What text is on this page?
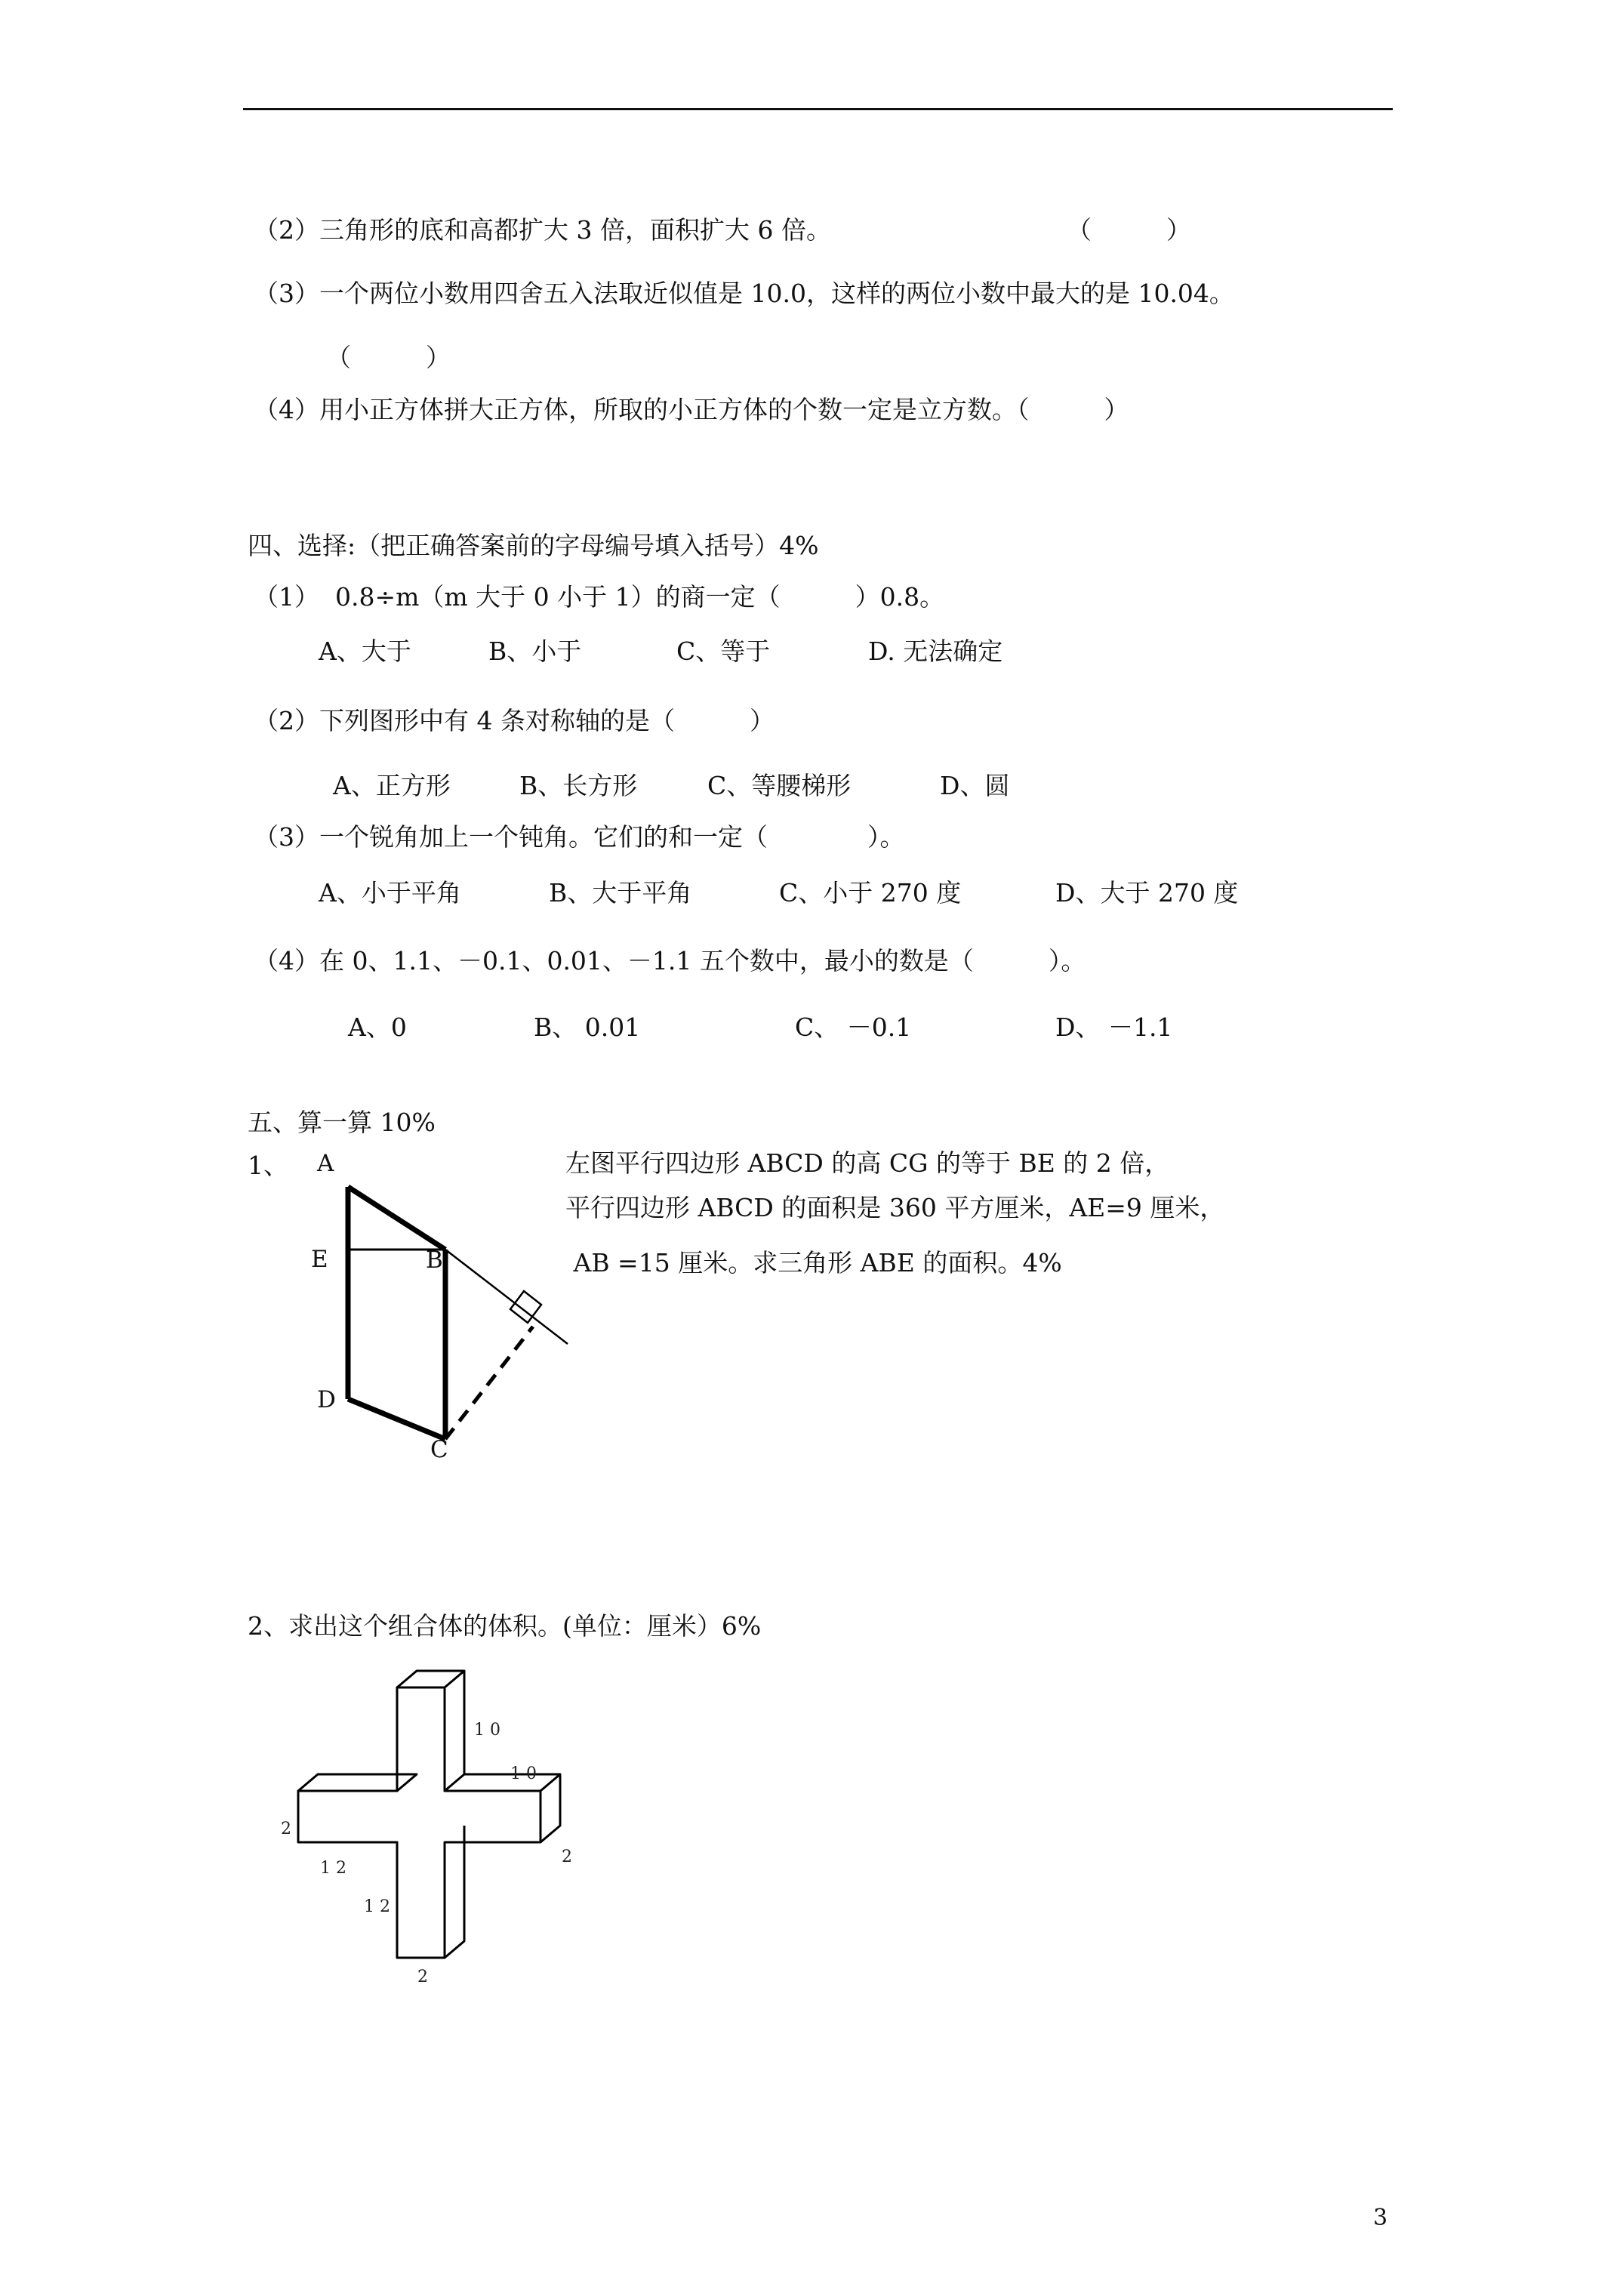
（2）三角形的底和高都扩大 3 倍，面积扩大 6 倍。	（　　　）
（3）一个两位小数用四舍五入法取近似值是 10.0，这样的两位小数中最大的是 10.04。
（　　　）
（4）用小正方体拼大正方体，所取的小正方体的个数一定是立方数。（　　　）
四、选择:（把正确答案前的字母编号填入括号）4%
（1）  0.8÷m（m 大于 0 小于 1）的商一定（　　　）0.8。
A、大于	B、小于	C、等于	D. 无法确定
（2）下列图形中有 4 条对称轴的是（　　　）
A、正方形	B、长方形	C、等腰梯形	D、圆
（3）一个锐角加上一个钝角。它们的和一定（　　　　）。
A、小于平角	B、大于平角	C、小于 270 度	D、大于 270 度
（4）在 0、1.1、－0.1、0.01、－1.1 五个数中，最小的数是（　　　）。
A、0	B、 0.01	C、 －0.1	D、 －1.1
五、算一算 10%
1、	左图平行四边形 ABCD 的高 CG 的等于 BE 的 2 倍，
平行四边形 ABCD 的面积是 360 平方厘米，AE=9 厘米，
AB =15 厘米。求三角形 ABE 的面积。4%
A
E	B
D
C
2、求出这个组合体的体积。(单位：厘米）6%
1 0
1 0
2
1 2
2
1 2
2
3
